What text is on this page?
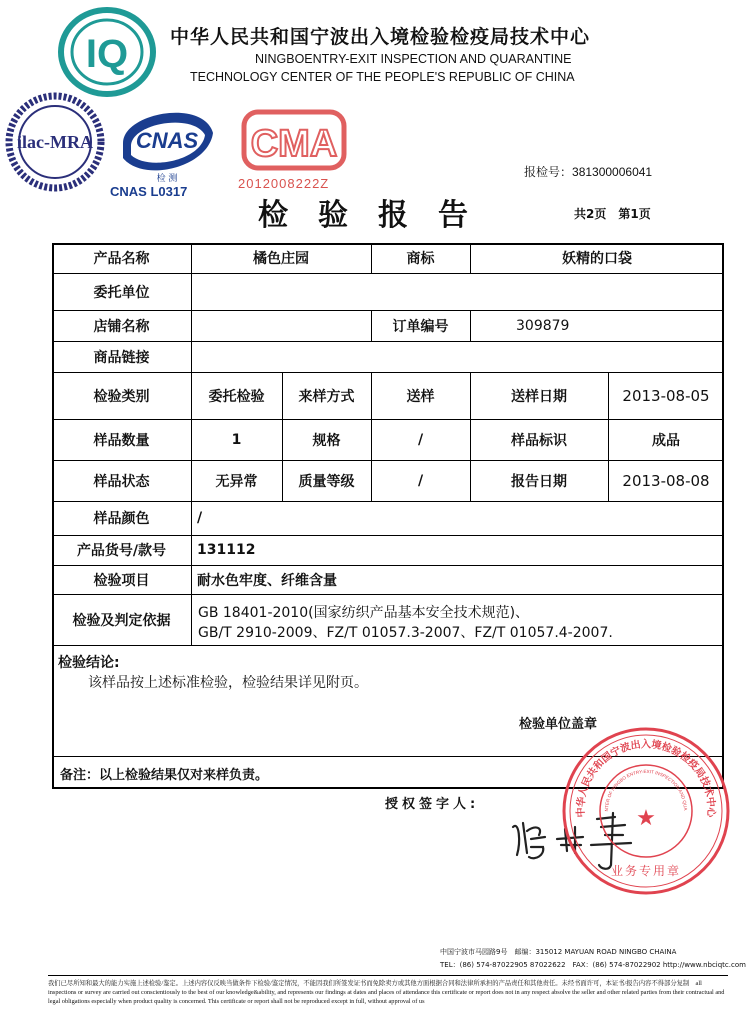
IQ
ilac-MRA CNAS
检 测
CNAS L0317
CMA
2012008222Z
中华人民共和国宁波出入境检验检疫局技术中心
NINGBOENTRY-EXIT INSPECTION AND QUARANTINE
TECHNOLOGY CENTER OF THE PEOPLE'S REPUBLIC OF CHINA
报检号：381300006041
检验报告	共2页　第1页
产品名称	橘色庄园	商标	妖精的口袋
委托单位
店铺名称	订单编号	309879
商品链接
检验类别	委托检验	来样方式	送样	送样日期	2013-08-05
样品数量	1	规格	/	样品标识	成品
样品状态	无异常	质量等级	/	报告日期	2013-08-08
样品颜色	/
产品货号/款号	131112
检验项目	耐水色牢度、纤维含量
检验及判定依据	GB 18401-2010(国家纺织产品基本安全技术规范)、
GB/T 2910-2009、FZ/T 01057.3-2007、FZ/T 01057.4-2007.
检验结论:
该样品按上述标准检验，检验结果详见附页。
检验单位盖章
备注：以上检验结果仅对来样负责。
授权签字人:
中华人民共和国宁波出入境检验检疫局技术中心
NTER OF NINGBO ENTRY-EXIT INSPECTION AND QUA
★
业务专用章
中国宁波市马园路9号　邮编：315012 MAYUAN ROAD NINGBO CHAINA
TEL：(86) 574-87022905 87022622　FAX：(86) 574-87022902 http://www.nbciqtc.com
我们已尽所知和最大的能力实施上述检验/鉴定。上述内容仅反映当做条件下检验/鉴定情况，不能因我们所签发证书而免除卖方或其他方面根据合同和法律所承担的产品责任和其他责任。未经书面许可，本证书/报告内容不得部分复制　all inspections or survey are carried out conscientiously to the best of our knowledge&ability, and represents our findings at dates and places of attendance this certificate or report does not in any respect absolve the seller and other related parties from their contractual and legal obligations especially when product quality is concerned. This certificate or report shall not be reproduced except in full, without approval of us
